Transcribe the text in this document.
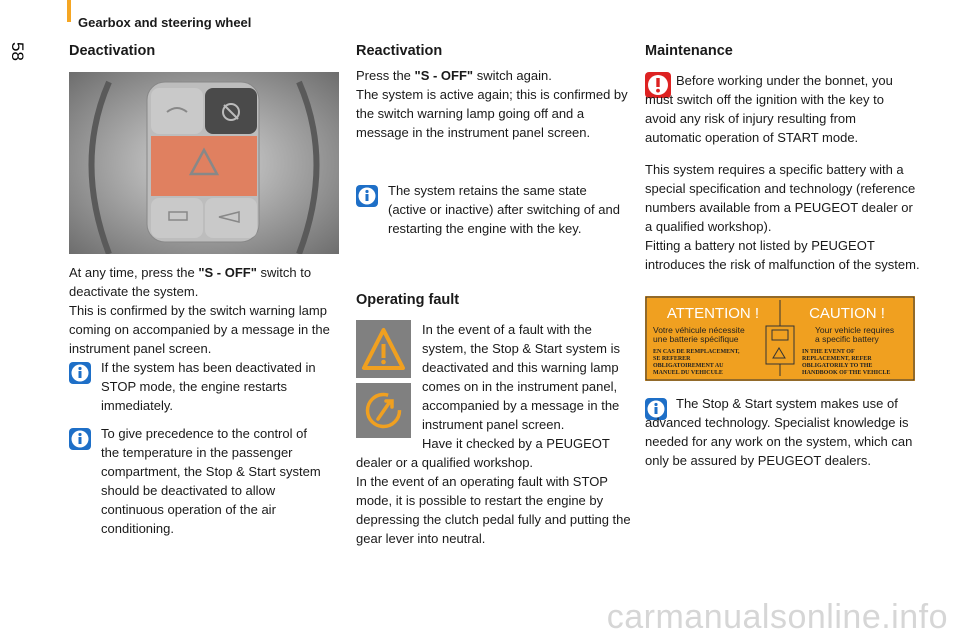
Gearbox and steering wheel
58	Deactivation

At any time, press the "S - OFF" switch to deactivate the system.

This is confirmed by the switch warning lamp coming on accompanied by a message in the instrument panel screen.

If the system has been deactivated in STOP mode, the engine restarts immediately.
To give precedence to the control of the temperature in the passenger compartment, the Stop & Start system should be deactivated to allow continuous operation of the air conditioning.
Reactivation

Press the "S - OFF" switch again.

The system is active again; this is confirmed by the switch warning lamp going off and a message in the instrument panel screen.

The system retains the same state (active or inactive) after switching of and restarting the engine with the key.
Operating fault
In the event of a fault with the system, the Stop & Start system is deactivated and this warning lamp comes on in the instrument panel, accompanied by a message in the instrument panel screen.

Have it checked by a PEUGEOT dealer or a qualified workshop.

In the event of an operating fault with STOP mode, it is possible to restart the engine by depressing the clutch pedal fully and putting the gear lever into neutral.

Maintenance
Before working under the bonnet, you must switch off the ignition with the key to avoid any risk of injury resulting from automatic operation of START mode.

This system requires a specific battery with a special specification and technology (reference numbers available from a PEUGEOT dealer or a qualified workshop).

Fitting a battery not listed by PEUGEOT introduces the risk of malfunction of the system.

ATTENTION !	CAUTION !
Votre véhicule nécessite
une batterie spécifique
Your vehicle requires
a specific battery
EN CAS DE REMPLACEMENT,
SE REFERER
OBLIGATOIREMENT AU
MANUEL DU VEHICULE
IN THE EVENT OF
REPLACEMENT, REFER
OBLIGATORILY TO THE
HANDBOOK OF THE VEHICLE
The Stop & Start system makes use of advanced technology. Specialist knowledge is needed for any work on the system, which can only be assured by PEUGEOT dealers.
carmanualsonline.info
